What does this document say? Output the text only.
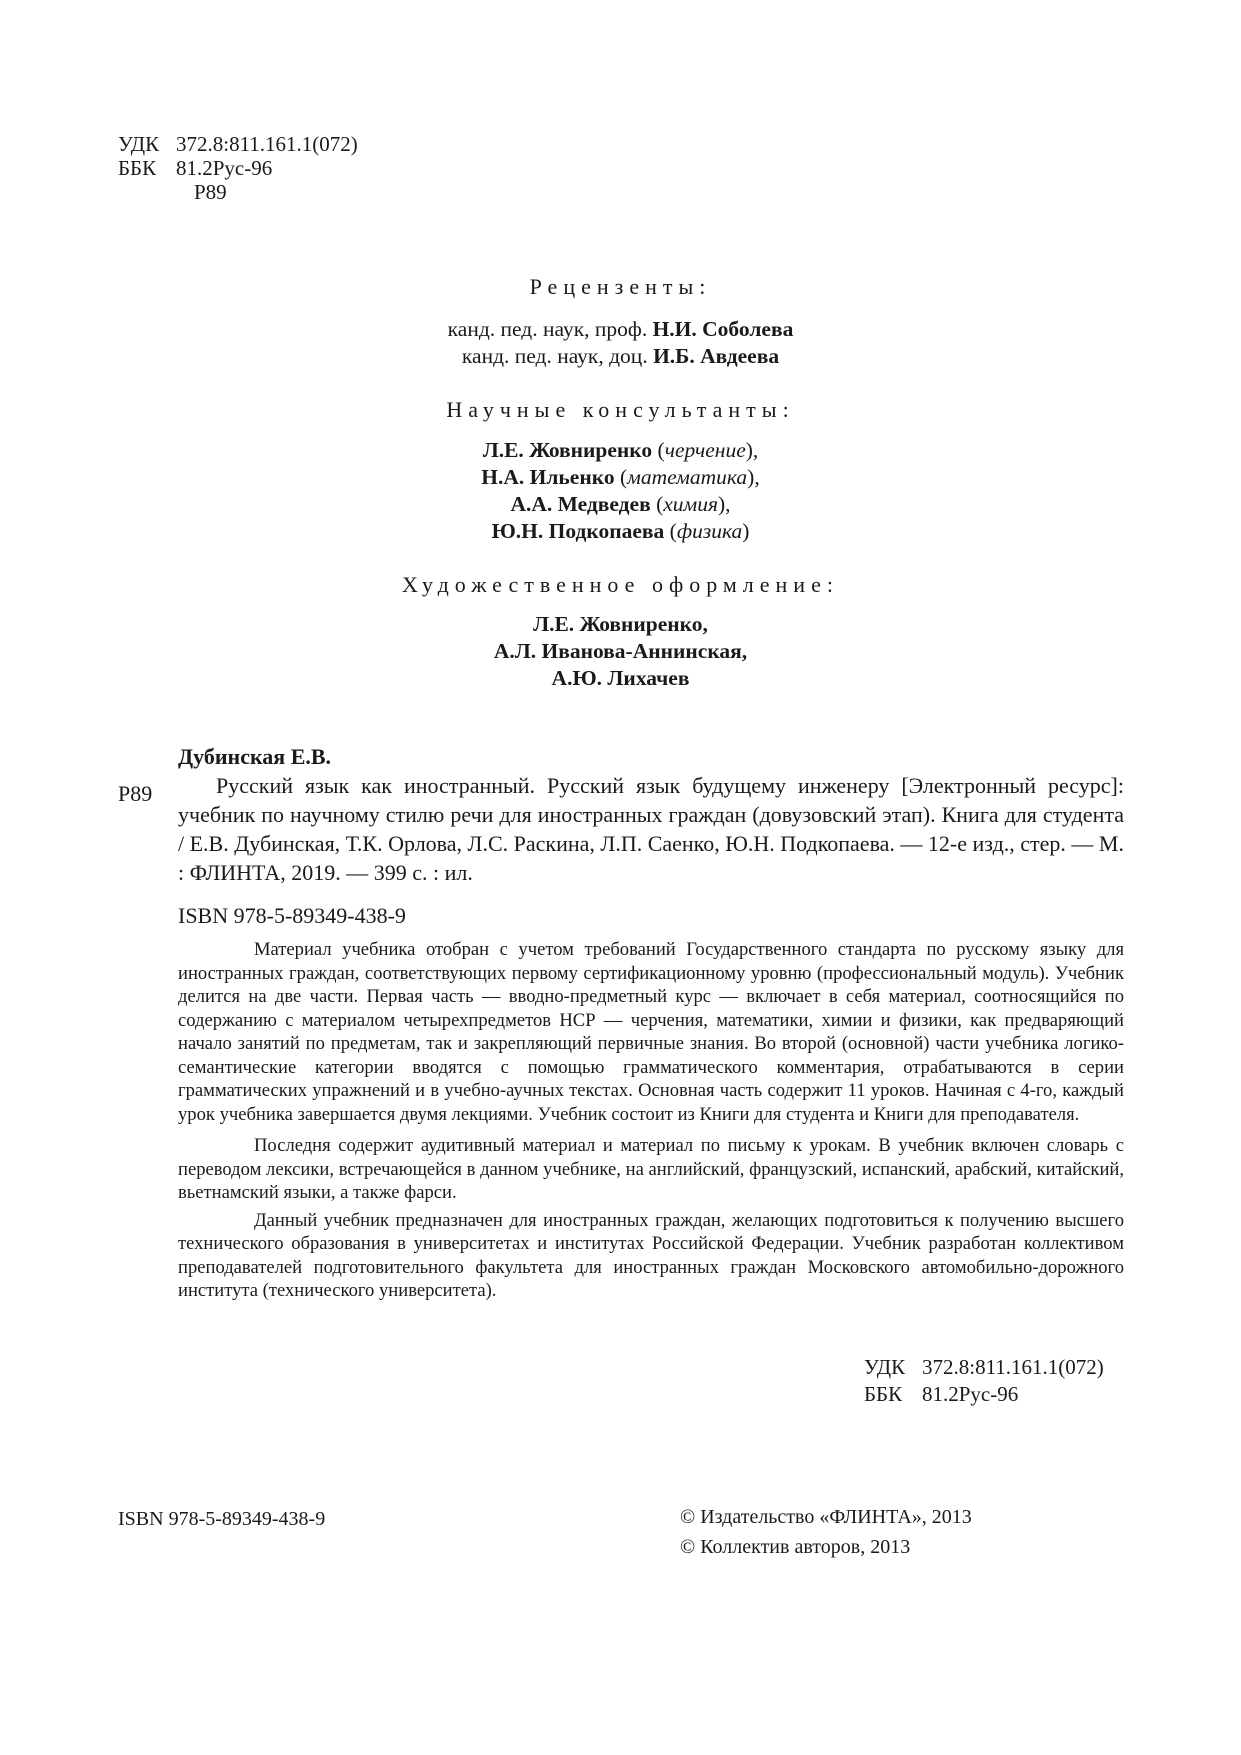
УДК 372.8:811.161.1(072)
ББК 81.2Рус-96
Р89
Рецензенты:
канд. пед. наук, проф. Н.И. Соболева
канд. пед. наук, доц. И.Б. Авдеева
Научные консультанты:
Л.Е. Жовниренко (черчение),
Н.А. Ильенко (математика),
А.А. Медведев (химия),
Ю.Н. Подкопаева (физика)
Художественное оформление:
Л.Е. Жовниренко,
А.Л. Иванова-Аннинская,
А.Ю. Лихачев
Дубинская Е.В.
Р89	Русский язык как иностранный. Русский язык будущему инженеру [Электронный ресурс]: учебник по научному стилю речи для иностранных граждан (довузовский этап). Книга для студента / Е.В. Дубинская, Т.К. Орлова, Л.С. Раскина, Л.П. Саенко, Ю.Н. Подкопаева. — 12-е изд., стер. — М. : ФЛИНТА, 2019. — 399 с. : ил.
ISBN 978-5-89349-438-9

Материал учебника отобран с учетом требований Государственного стандарта по русскому языку для иностранных граждан, соответствующих первому сертификационному уровню (профессиональный модуль). Учебник делится на две части. Первая часть — вводно-предметный курс — включает в себя материал, соотносящийся по содержанию с материалом четырехпредметов НСР — черчения, математики, химии и физики, как предваряющий начало занятий по предметам, так и закрепляющий первичные знания. Во второй (основной) части учебника логико-семантические категории вводятся с помощью грамматического комментария, отрабатываются в серии грамматических упражнений и в учебно-аучных текстах. Основная часть содержит 11 уроков. Начиная с 4-го, каждый урок учебника завершается двумя лекциями. Учебник состоит из Книги для студента и Книги для преподавателя.

Последня содержит аудитивный материал и материал по письму к урокам. В учебник включен словарь с переводом лексики, встречающейся в данном учебнике, на английский, французский, испанский, арабский, китайский, вьетнамский языки, а также фарси.

Данный учебник предназначен для иностранных граждан, желающих подготовиться к получению высшего технического образования в университетах и институтах Российской Федерации. Учебник разработан коллективом преподавателей подготовительного факультета для иностранных граждан Московского автомобильно-дорожного института (технического университета).

УДК 372.8:811.161.1(072)
ББК 81.2Рус-96
ISBN 978-5-89349-438-9	© Издательство «ФЛИНТА», 2013
© Коллектив авторов, 2013
